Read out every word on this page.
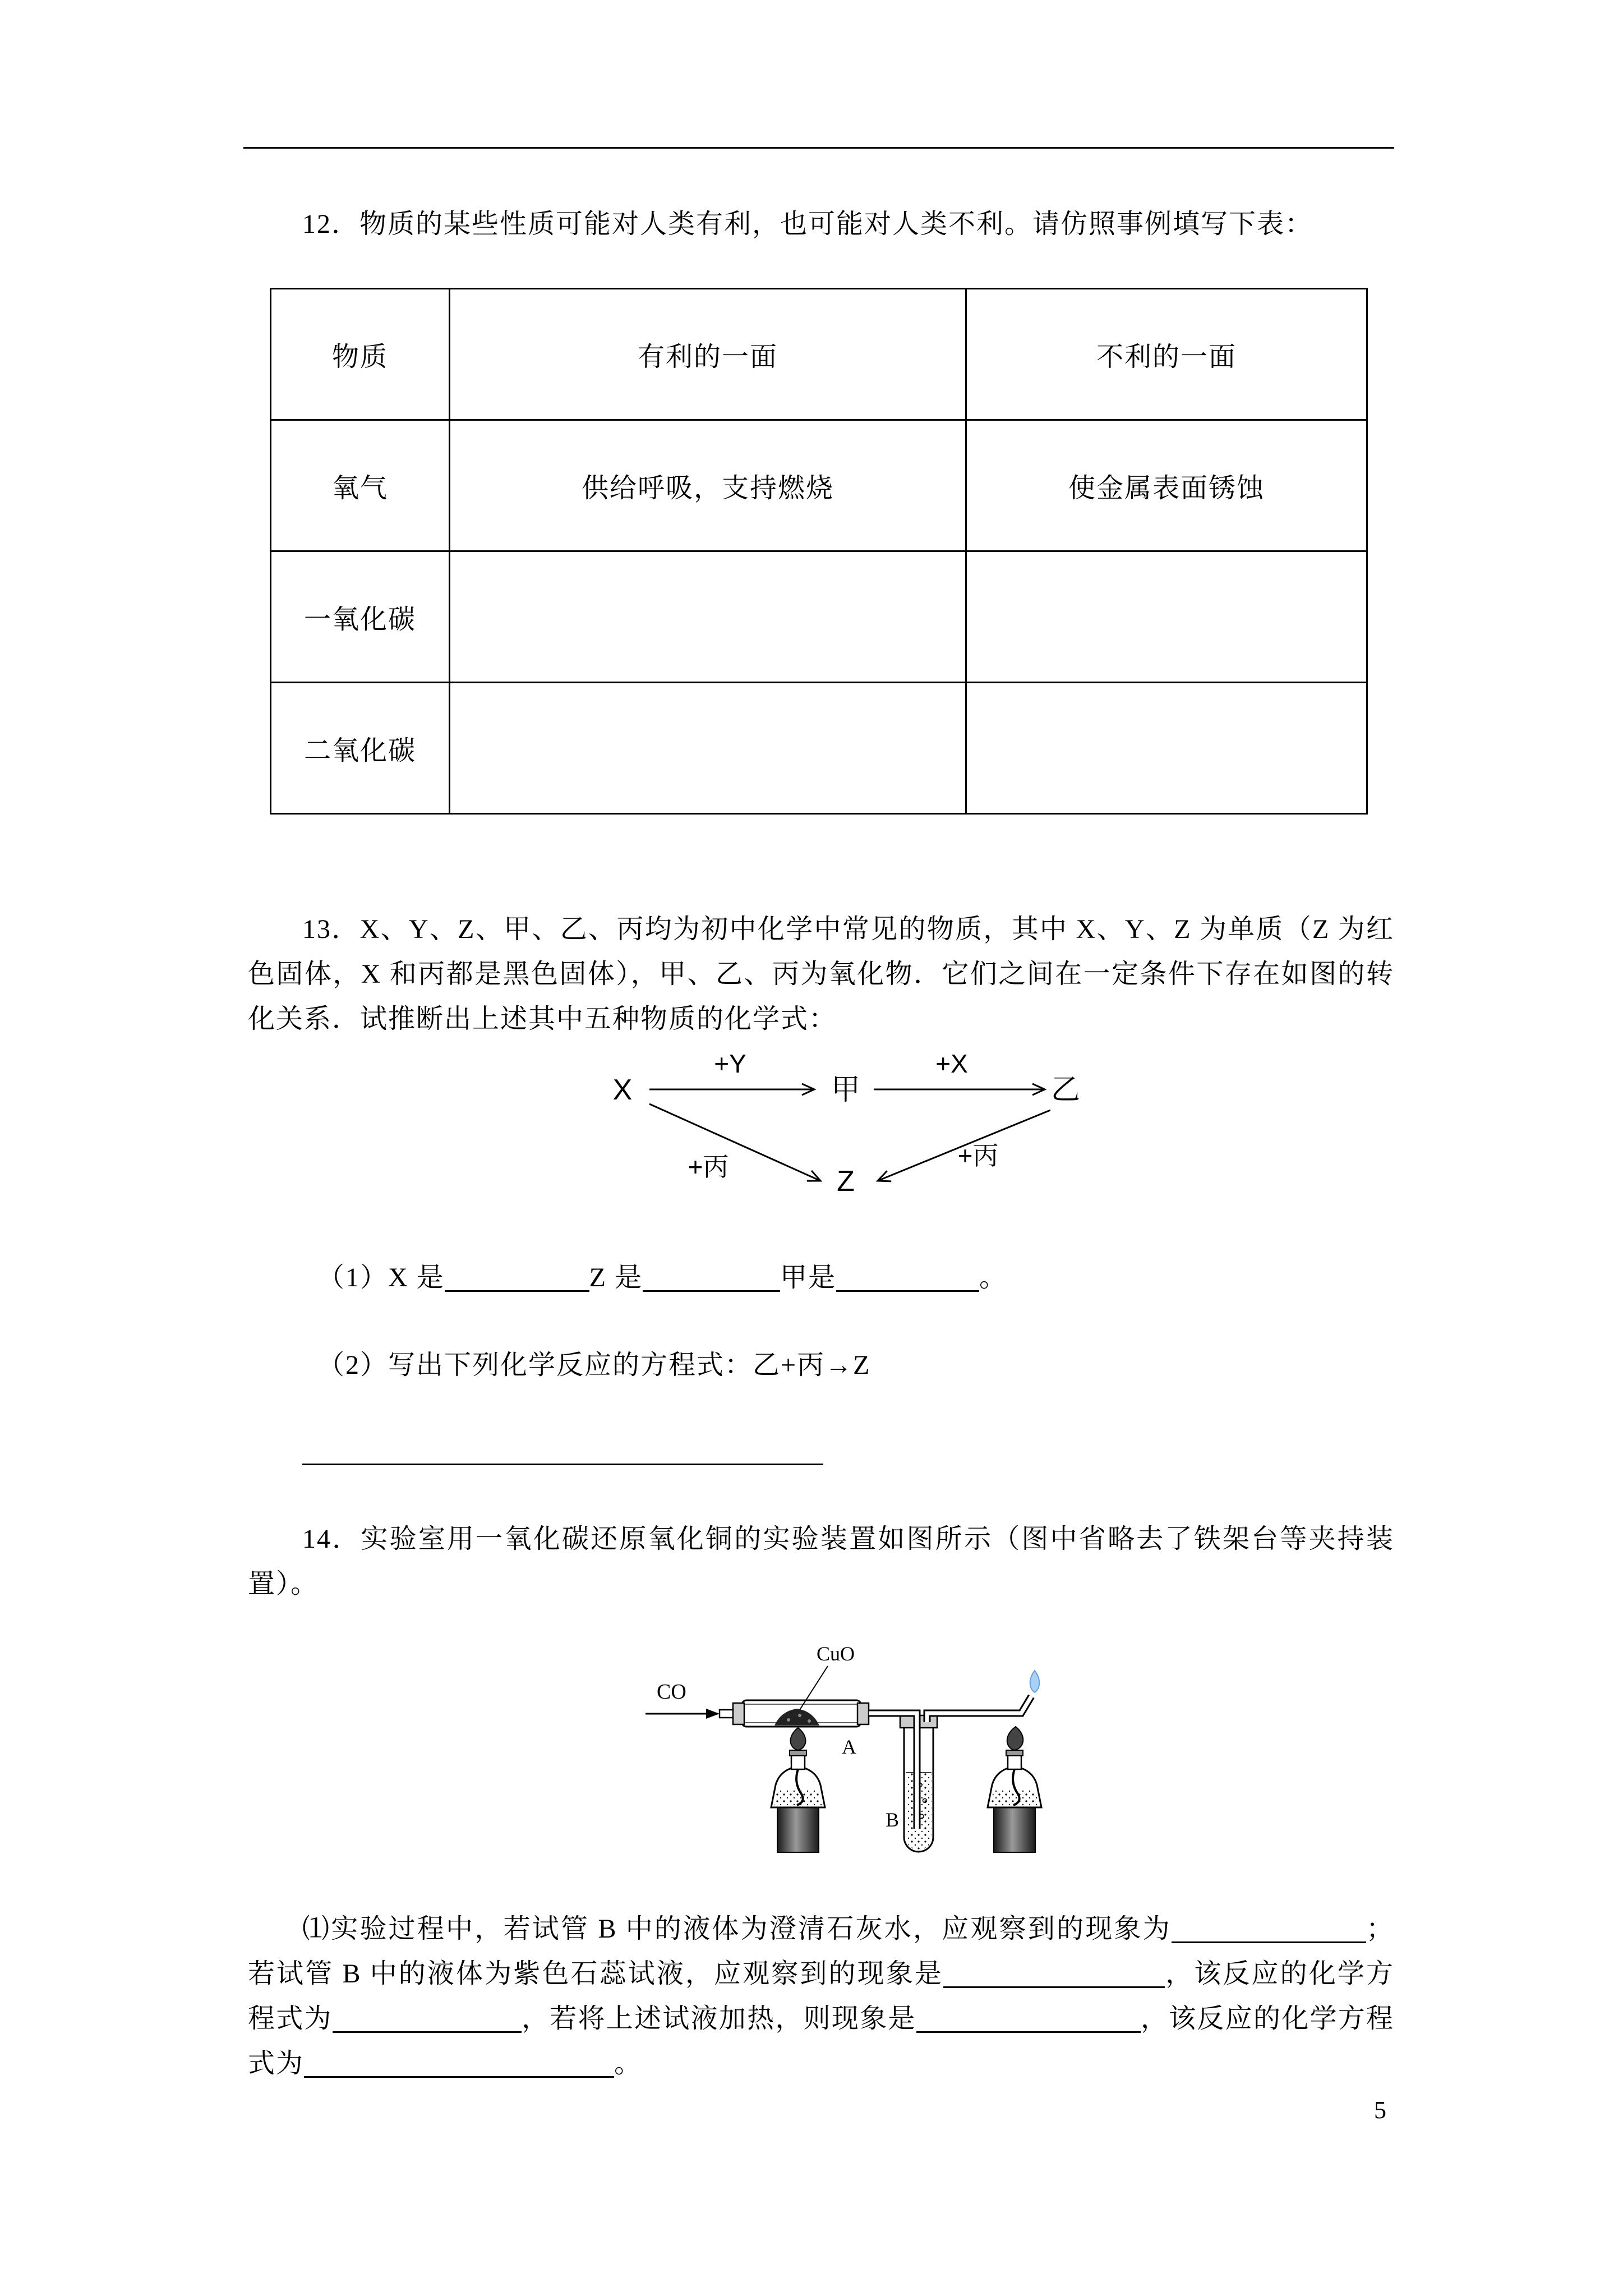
12．物质的某些性质可能对人类有利，也可能对人类不利。请仿照事例填写下表：
物质	有利的一面	不利的一面
氧气	供给呼吸，支持燃烧	使金属表面锈蚀
一氧化碳		
二氧化碳		
13．X、Y、Z、甲、乙、丙均为初中化学中常见的物质，其中 X、Y、Z 为单质（Z 为红色固体，X 和丙都是黑色固体），甲、乙、丙为氧化物．它们之间在一定条件下存在如图的转化关系．试推断出上述其中五种物质的化学式：
X	甲	乙
Z
+Y	+X
+丙	+丙
（1）X 是	Z 是	甲是	。
（2）写出下列化学反应的方程式：乙+丙→Z
14．实验室用一氧化碳还原氧化铜的实验装置如图所示（图中省略去了铁架台等夹持装置）。
CO
CuO
A
B
⑴实验过程中，若试管 B 中的液体为澄清石灰水，应观察到的现象为	；若试管 B 中的液体为紫色石蕊试液，应观察到的现象是	，该反应的化学方程式为	，若将上述试液加热，则现象是	，该反应的化学方程式为	。
5
